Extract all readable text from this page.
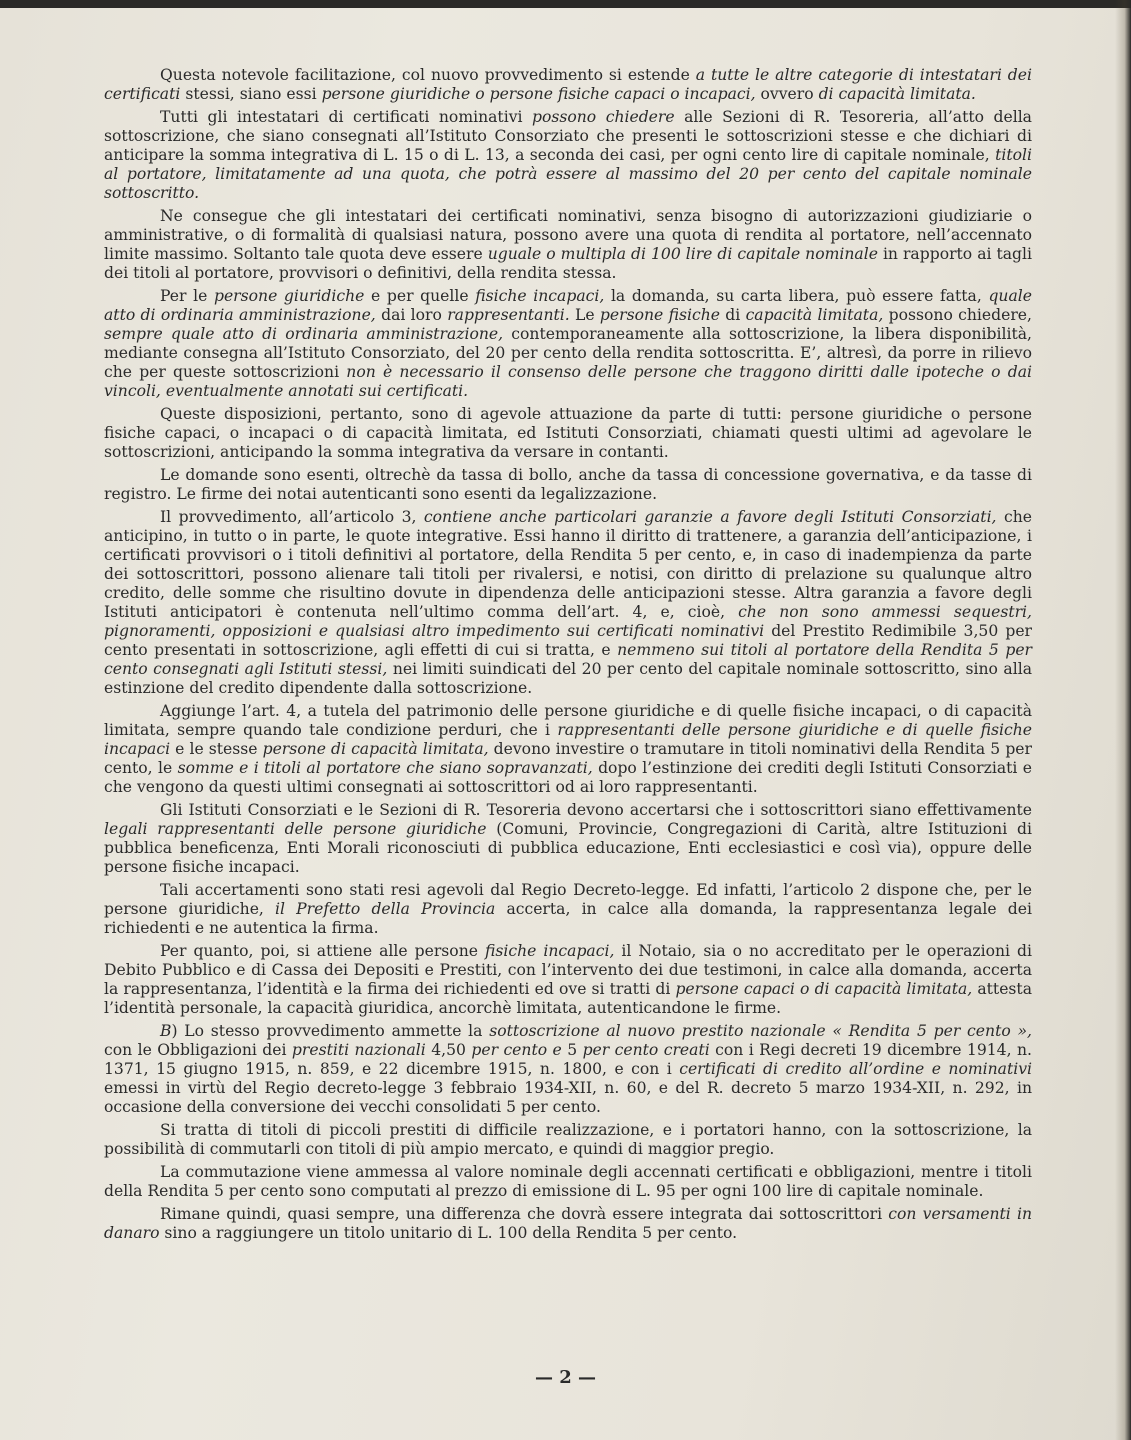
Questa notevole facilitazione, col nuovo provvedimento si estende a tutte le altre categorie di intestatari dei certificati stessi, siano essi persone giuridiche o persone fisiche capaci o incapaci, ovvero di capacità limitata.

Tutti gli intestatari di certificati nominativi possono chiedere alle Sezioni di R. Tesoreria, all’atto della sottoscrizione, che siano consegnati all’Istituto Consorziato che presenti le sottoscrizioni stesse e che dichiari di anticipare la somma integrativa di L. 15 o di L. 13, a seconda dei casi, per ogni cento lire di capitale nominale, titoli al portatore, limitatamente ad una quota, che potrà essere al massimo del 20 per cento del capitale nominale sottoscritto.

Ne consegue che gli intestatari dei certificati nominativi, senza bisogno di autorizzazioni giudiziarie o amministrative, o di formalità di qualsiasi natura, possono avere una quota di rendita al portatore, nell’accennato limite massimo. Soltanto tale quota deve essere uguale o multipla di 100 lire di capitale nominale in rapporto ai tagli dei titoli al portatore, provvisori o definitivi, della rendita stessa.

Per le persone giuridiche e per quelle fisiche incapaci, la domanda, su carta libera, può essere fatta, quale atto di ordinaria amministrazione, dai loro rappresentanti. Le persone fisiche di capacità limitata, possono chiedere, sempre quale atto di ordinaria amministrazione, contemporaneamente alla sottoscrizione, la libera disponibilità, mediante consegna all’Istituto Consorziato, del 20 per cento della rendita sottoscritta. E’, altresì, da porre in rilievo che per queste sottoscrizioni non è necessario il consenso delle persone che traggono diritti dalle ipoteche o dai vincoli, eventualmente annotati sui certificati.

Queste disposizioni, pertanto, sono di agevole attuazione da parte di tutti: persone giuridiche o persone fisiche capaci, o incapaci o di capacità limitata, ed Istituti Consorziati, chiamati questi ultimi ad agevolare le sottoscrizioni, anticipando la somma integrativa da versare in contanti.

Le domande sono esenti, oltrechè da tassa di bollo, anche da tassa di concessione governativa, e da tasse di registro. Le firme dei notai autenticanti sono esenti da legalizzazione.

Il provvedimento, all’articolo 3, contiene anche particolari garanzie a favore degli Istituti Consorziati, che anticipino, in tutto o in parte, le quote integrative. Essi hanno il diritto di trattenere, a garanzia dell’anticipazione, i certificati provvisori o i titoli definitivi al portatore, della Rendita 5 per cento, e, in caso di inadempienza da parte dei sottoscrittori, possono alienare tali titoli per rivalersi, e notisi, con diritto di prelazione su qualunque altro credito, delle somme che risultino dovute in dipendenza delle anticipazioni stesse. Altra garanzia a favore degli Istituti anticipatori è contenuta nell’ultimo comma dell’art. 4, e, cioè, che non sono ammessi sequestri, pignoramenti, opposizioni e qualsiasi altro impedimento sui certificati nominativi del Prestito Redimibile 3,50 per cento presentati in sottoscrizione, agli effetti di cui si tratta, e nemmeno sui titoli al portatore della Rendita 5 per cento consegnati agli Istituti stessi, nei limiti suindicati del 20 per cento del capitale nominale sottoscritto, sino alla estinzione del credito dipendente dalla sottoscrizione.

Aggiunge l’art. 4, a tutela del patrimonio delle persone giuridiche e di quelle fisiche incapaci, o di capacità limitata, sempre quando tale condizione perduri, che i rappresentanti delle persone giuridiche e di quelle fisiche incapaci e le stesse persone di capacità limitata, devono investire o tramutare in titoli nominativi della Rendita 5 per cento, le somme e i titoli al portatore che siano sopravanzati, dopo l’estinzione dei crediti degli Istituti Consorziati e che vengono da questi ultimi consegnati ai sottoscrittori od ai loro rappresentanti.

Gli Istituti Consorziati e le Sezioni di R. Tesoreria devono accertarsi che i sottoscrittori siano effettivamente legali rappresentanti delle persone giuridiche (Comuni, Provincie, Congregazioni di Carità, altre Istituzioni di pubblica beneficenza, Enti Morali riconosciuti di pubblica educazione, Enti ecclesiastici e così via), oppure delle persone fisiche incapaci.

Tali accertamenti sono stati resi agevoli dal Regio Decreto-legge. Ed infatti, l’articolo 2 dispone che, per le persone giuridiche, il Prefetto della Provincia accerta, in calce alla domanda, la rappresentanza legale dei richiedenti e ne autentica la firma.

Per quanto, poi, si attiene alle persone fisiche incapaci, il Notaio, sia o no accreditato per le operazioni di Debito Pubblico e di Cassa dei Depositi e Prestiti, con l’intervento dei due testimoni, in calce alla domanda, accerta la rappresentanza, l’identità e la firma dei richiedenti ed ove si tratti di persone capaci o di capacità limitata, attesta l’identità personale, la capacità giuridica, ancorchè limitata, autenticandone le firme.

B) Lo stesso provvedimento ammette la sottoscrizione al nuovo prestito nazionale « Rendita 5 per cento », con le Obbligazioni dei prestiti nazionali 4,50 per cento e 5 per cento creati con i Regi decreti 19 dicembre 1914, n. 1371, 15 giugno 1915, n. 859, e 22 dicembre 1915, n. 1800, e con i certificati di credito all’ordine e nominativi emessi in virtù del Regio decreto-legge 3 febbraio 1934-XII, n. 60, e del R. decreto 5 marzo 1934-XII, n. 292, in occasione della conversione dei vecchi consolidati 5 per cento.

Si tratta di titoli di piccoli prestiti di difficile realizzazione, e i portatori hanno, con la sottoscrizione, la possibilità di commutarli con titoli di più ampio mercato, e quindi di maggior pregio.

La commutazione viene ammessa al valore nominale degli accennati certificati e obbligazioni, mentre i titoli della Rendita 5 per cento sono computati al prezzo di emissione di L. 95 per ogni 100 lire di capitale nominale.

Rimane quindi, quasi sempre, una differenza che dovrà essere integrata dai sottoscrittori con versamenti in danaro sino a raggiungere un titolo unitario di L. 100 della Rendita 5 per cento.

— 2 —
